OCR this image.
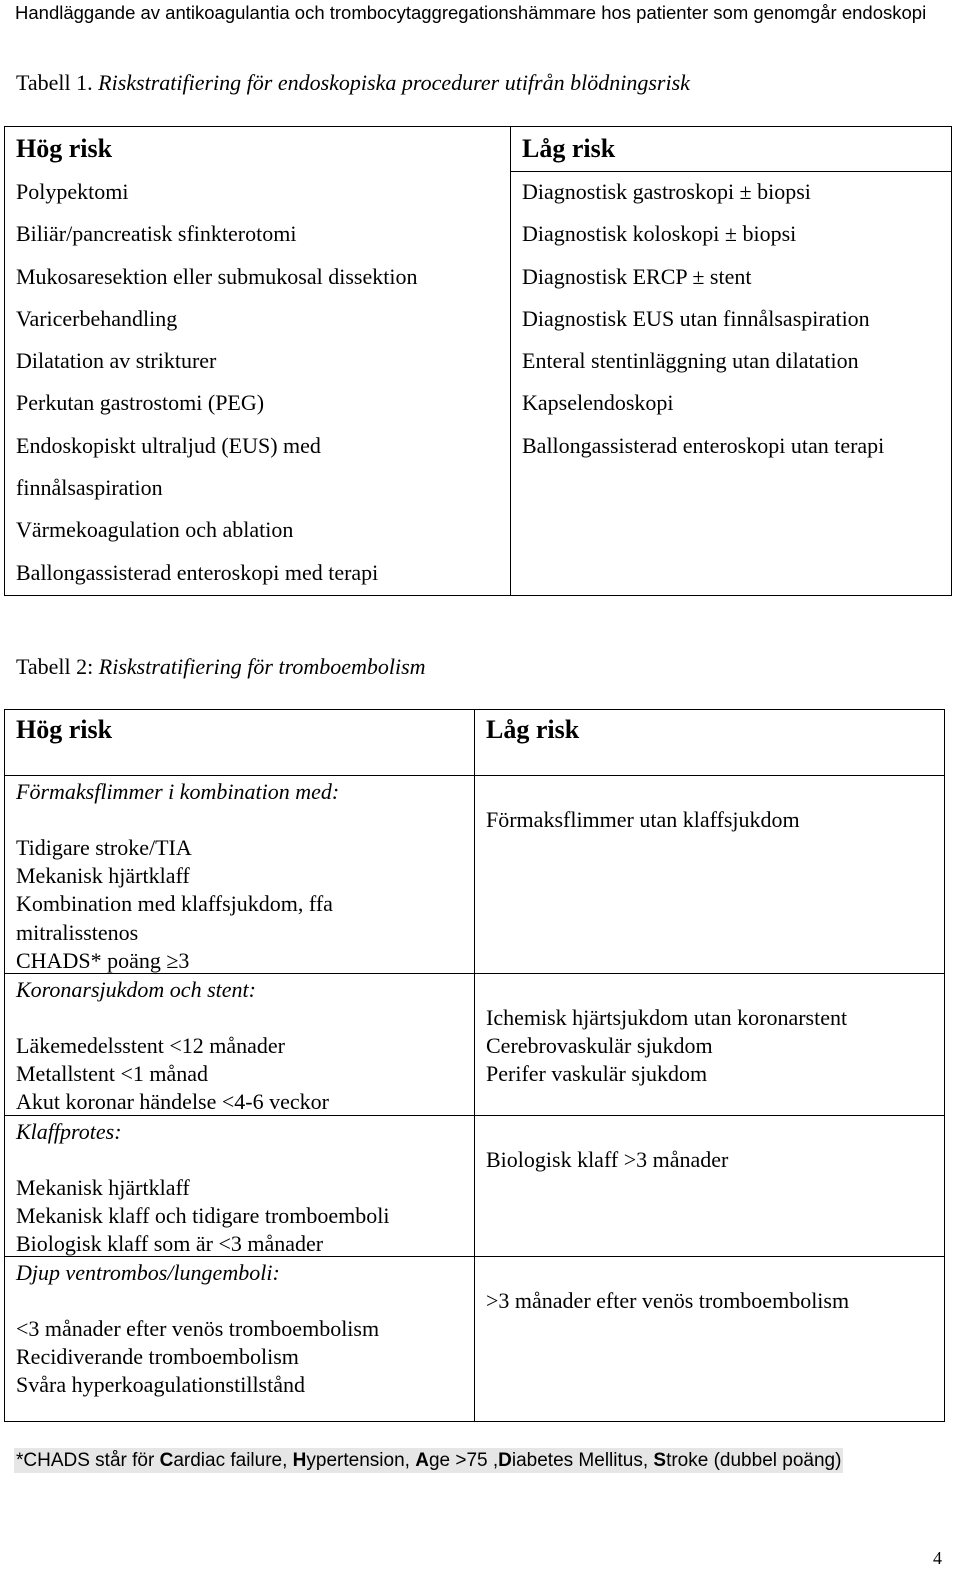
Handläggande av antikoagulantia och trombocytaggregationshämmare hos patienter som genomgår endoskopi
Tabell 1. Riskstratifiering för endoskopiska procedurer utifrån blödningsrisk
Hög risk
Polypektomi
Biliär/pancreatisk sfinkterotomi
Mukosaresektion eller submukosal dissektion
Varicerbehandling
Dilatation av strikturer
Perkutan gastrostomi (PEG)
Endoskopiskt ultraljud (EUS) med
finnålsaspiration
Värmekoagulation och ablation
Ballongassisterad enteroskopi med terapi
Låg risk
Diagnostisk gastroskopi ± biopsi
Diagnostisk koloskopi ± biopsi
Diagnostisk ERCP ± stent
Diagnostisk EUS utan finnålsaspiration
Enteral stentinläggning utan dilatation
Kapselendoskopi
Ballongassisterad enteroskopi utan terapi
Tabell 2: Riskstratifiering för tromboembolism
Hög risk	Låg risk
Förmaksflimmer i kombination med:
Tidigare stroke/TIA
Mekanisk hjärtklaff
Kombination med klaffsjukdom, ffa
mitralisstenos
CHADS* poäng ≥3
Förmaksflimmer utan klaffsjukdom
Koronarsjukdom och stent:
Läkemedelsstent <12 månader
Metallstent <1 månad
Akut koronar händelse <4-6 veckor
Ichemisk hjärtsjukdom utan koronarstent
Cerebrovaskulär sjukdom
Perifer vaskulär sjukdom
Klaffprotes:
Mekanisk hjärtklaff
Mekanisk klaff och tidigare tromboemboli
Biologisk klaff som är <3 månader
Biologisk klaff >3 månader
Djup ventrombos/lungemboli:
<3 månader efter venös tromboembolism
Recidiverande tromboembolism
Svåra hyperkoagulationstillstånd
>3 månader efter venös tromboembolism
*CHADS står för Cardiac failure, Hypertension, Age >75 ,Diabetes Mellitus, Stroke (dubbel poäng)
4
